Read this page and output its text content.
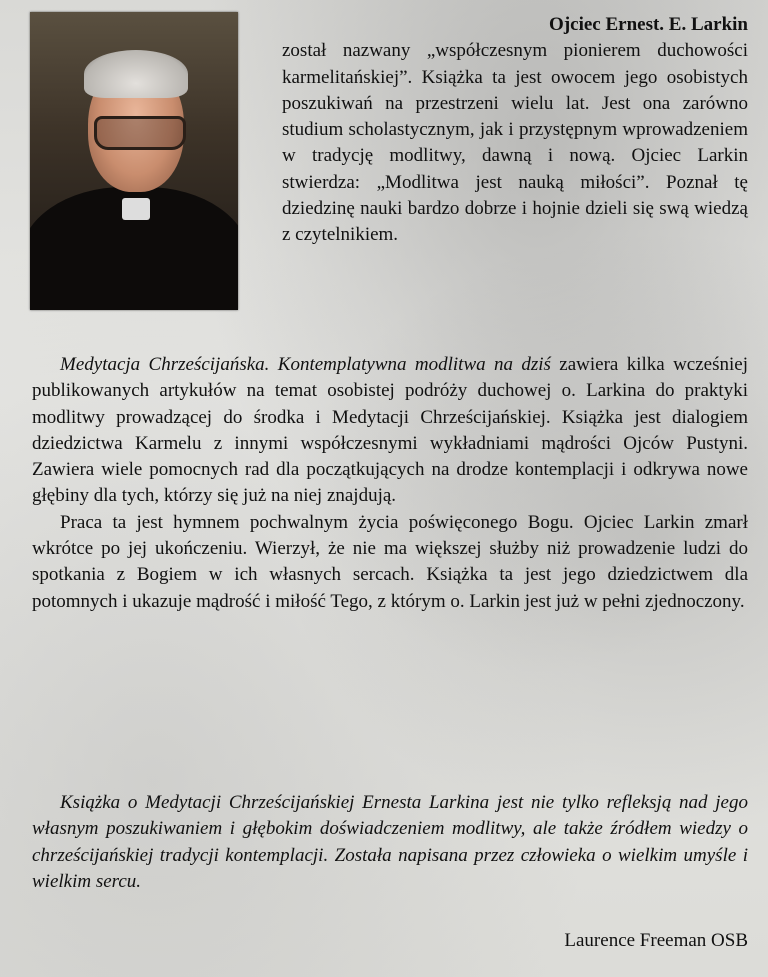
Ojciec Ernest. E. Larkin
został nazwany „współczesnym pionierem duchowości karmelitańskiej”. Książka ta jest owocem jego osobistych poszukiwań na przestrzeni wielu lat. Jest ona zarówno studium scholastycznym, jak i przystępnym wprowadzeniem w tradycję modlitwy, dawną i nową. Ojciec Larkin stwierdza: „Modlitwa jest nauką miłości”. Poznał tę dziedzinę nauki bardzo dobrze i hojnie dzieli się swą wiedzą z czytelnikiem.

Medytacja Chrześcijańska. Kontemplatywna modlitwa na dziś zawiera kilka wcześniej publikowanych artykułów na temat osobistej podróży duchowej o. Larkina do praktyki modlitwy prowadzącej do środka i Medytacji Chrześcijańskiej. Książka jest dialogiem dziedzictwa Karmelu z innymi współczesnymi wykładniami mądrości Ojców Pustyni. Zawiera wiele pomocnych rad dla początkujących na drodze kontemplacji i odkrywa nowe głębiny dla tych, którzy się już na niej znajdują.

Praca ta jest hymnem pochwalnym życia poświęconego Bogu. Ojciec Larkin zmarł wkrótce po jej ukończeniu. Wierzył, że nie ma większej służby niż prowadzenie ludzi do spotkania z Bogiem w ich własnych sercach. Książka ta jest jego dziedzictwem dla potomnych i ukazuje mądrość i miłość Tego, z którym o. Larkin jest już w pełni zjednoczony.

Książka o Medytacji Chrześcijańskiej Ernesta Larkina jest nie tylko refleksją nad jego własnym poszukiwaniem i głębokim doświadczeniem modlitwy, ale także źródłem wiedzy o chrześcijańskiej tradycji kontemplacji. Została napisana przez człowieka o wielkim umyśle i wielkim sercu.

Laurence Freeman OSB
